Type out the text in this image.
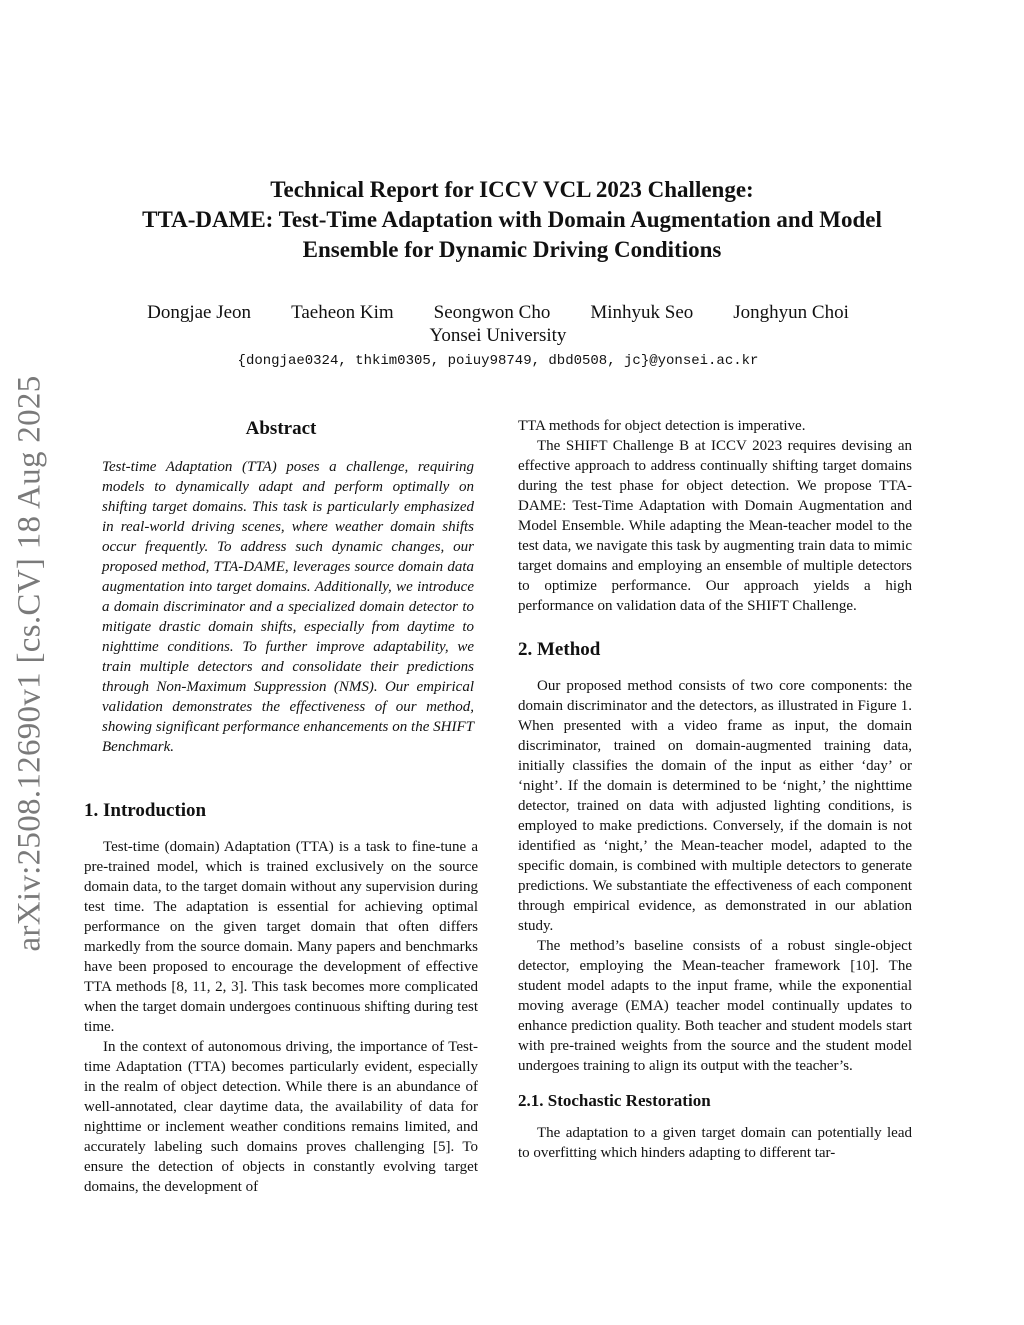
arXiv:2508.12690v1 [cs.CV] 18 Aug 2025
Technical Report for ICCV VCL 2023 Challenge:
TTA-DAME: Test-Time Adaptation with Domain Augmentation and Model
Ensemble for Dynamic Driving Conditions
Dongjae Jeon Taeheon Kim Seongwon Cho Minhyuk Seo Jonghyun Choi
Yonsei University
{dongjae0324, thkim0305, poiuy98749, dbd0508, jc}@yonsei.ac.kr
Abstract

Test-time Adaptation (TTA) poses a challenge, requiring models to dynamically adapt and perform optimally on shifting target domains. This task is particularly emphasized in real-world driving scenes, where weather domain shifts occur frequently. To address such dynamic changes, our proposed method, TTA-DAME, leverages source domain data augmentation into target domains. Additionally, we introduce a domain discriminator and a specialized domain detector to mitigate drastic domain shifts, especially from daytime to nighttime conditions. To further improve adaptability, we train multiple detectors and consolidate their predictions through Non-Maximum Suppression (NMS). Our empirical validation demonstrates the effectiveness of our method, showing significant performance enhancements on the SHIFT Benchmark.

1. Introduction

Test-time (domain) Adaptation (TTA) is a task to fine-tune a pre-trained model, which is trained exclusively on the source domain data, to the target domain without any supervision during test time. The adaptation is essential for achieving optimal performance on the given target domain that often differs markedly from the source domain. Many papers and benchmarks have been proposed to encourage the development of effective TTA methods [8, 11, 2, 3]. This task becomes more complicated when the target domain undergoes continuous shifting during test time.

In the context of autonomous driving, the importance of Test-time Adaptation (TTA) becomes particularly evident, especially in the realm of object detection. While there is an abundance of well-annotated, clear daytime data, the availability of data for nighttime or inclement weather conditions remains limited, and accurately labeling such domains proves challenging [5]. To ensure the detection of objects in constantly evolving target domains, the development of

TTA methods for object detection is imperative.

The SHIFT Challenge B at ICCV 2023 requires devising an effective approach to address continually shifting target domains during the test phase for object detection. We propose TTA-DAME: Test-Time Adaptation with Domain Augmentation and Model Ensemble. While adapting the Mean-teacher model to the test data, we navigate this task by augmenting train data to mimic target domains and employing an ensemble of multiple detectors to optimize performance. Our approach yields a high performance on validation data of the SHIFT Challenge.

2. Method

Our proposed method consists of two core components: the domain discriminator and the detectors, as illustrated in Figure 1. When presented with a video frame as input, the domain discriminator, trained on domain-augmented training data, initially classifies the domain of the input as either ‘day’ or ‘night’. If the domain is determined to be ‘night,’ the nighttime detector, trained on data with adjusted lighting conditions, is employed to make predictions. Conversely, if the domain is not identified as ‘night,’ the Mean-teacher model, adapted to the specific domain, is combined with multiple detectors to generate predictions. We substantiate the effectiveness of each component through empirical evidence, as demonstrated in our ablation study.

The method’s baseline consists of a robust single-object detector, employing the Mean-teacher framework [10]. The student model adapts to the input frame, while the exponential moving average (EMA) teacher model continually updates to enhance prediction quality. Both teacher and student models start with pre-trained weights from the source and the student model undergoes training to align its output with the teacher’s.

2.1. Stochastic Restoration

The adaptation to a given target domain can potentially lead to overfitting which hinders adapting to different tar-
